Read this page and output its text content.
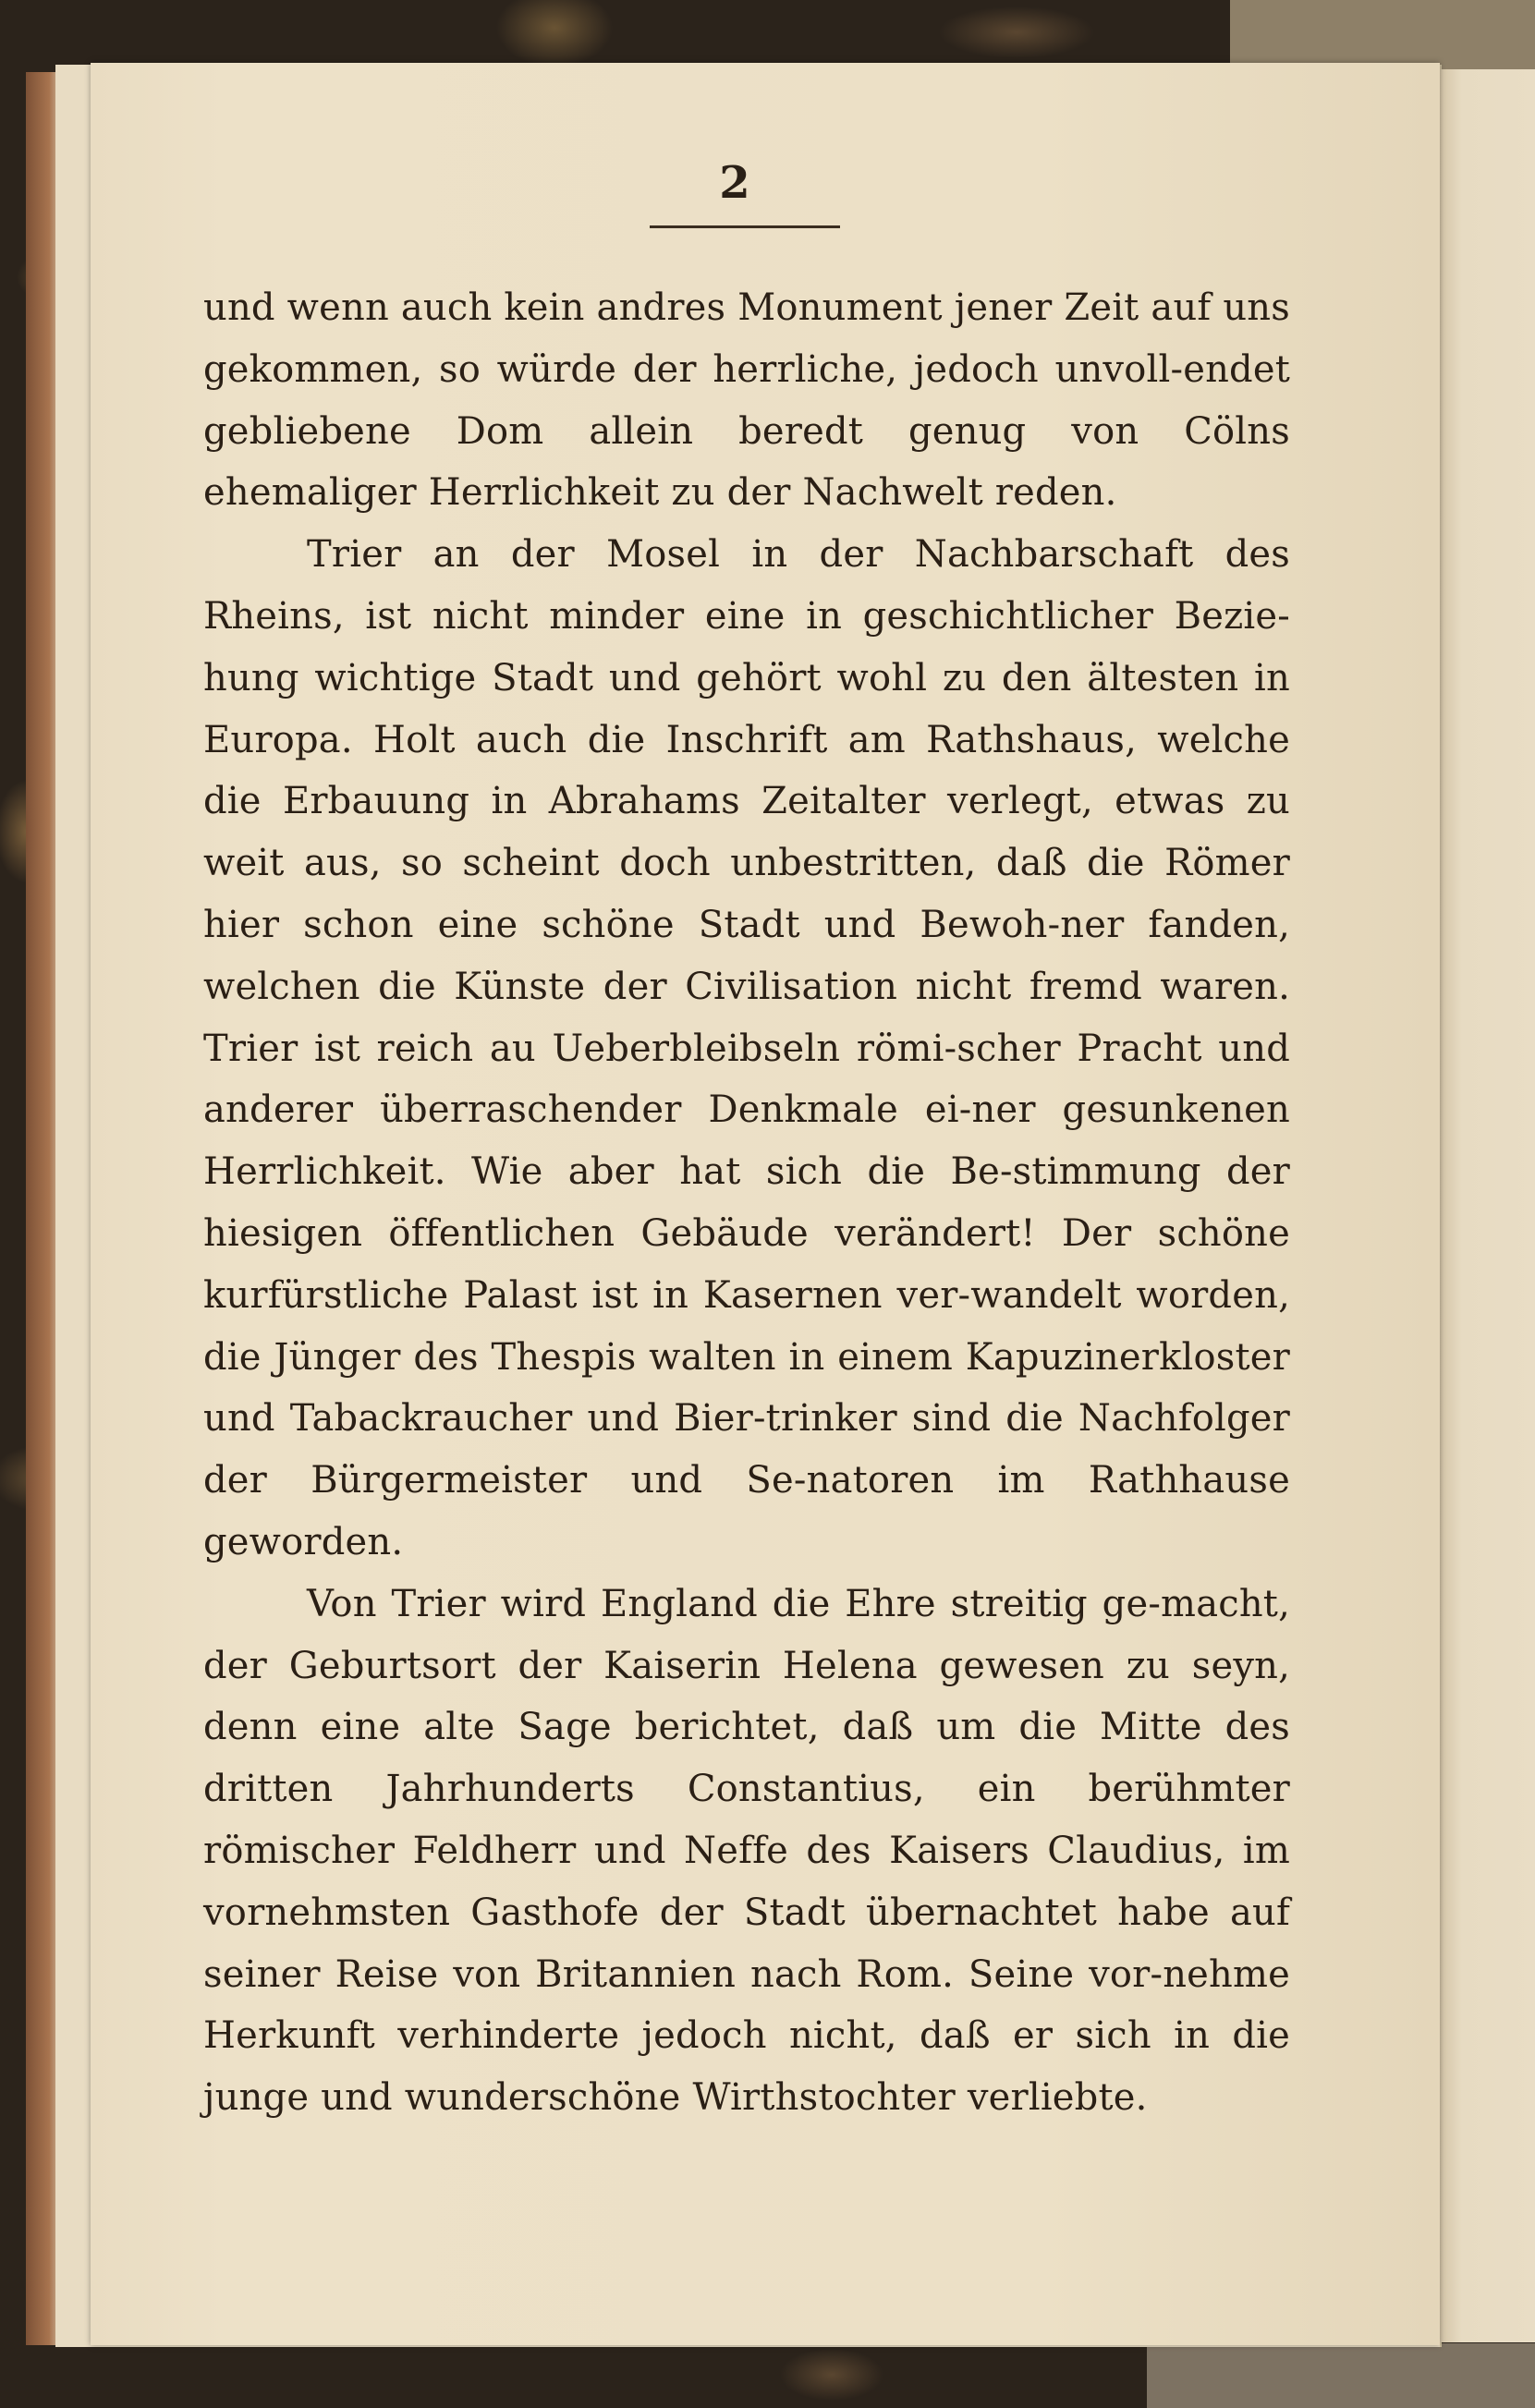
2

und wenn auch kein andres Monument jener Zeit auf uns gekommen, so würde der herrliche, jedoch unvoll-endet gebliebene Dom allein beredt genug von Cölns ehemaliger Herrlichkeit zu der Nachwelt reden.

Trier an der Mosel in der Nachbarschaft des Rheins, ist nicht minder eine in geschichtlicher Bezie-hung wichtige Stadt und gehört wohl zu den ältesten in Europa. Holt auch die Inschrift am Rathshaus, welche die Erbauung in Abrahams Zeitalter verlegt, etwas zu weit aus, so scheint doch unbestritten, daß die Römer hier schon eine schöne Stadt und Bewoh-ner fanden, welchen die Künste der Civilisation nicht fremd waren. Trier ist reich au Ueberbleibseln römi-scher Pracht und anderer überraschender Denkmale ei-ner gesunkenen Herrlichkeit. Wie aber hat sich die Be-stimmung der hiesigen öffentlichen Gebäude verändert! Der schöne kurfürstliche Palast ist in Kasernen ver-wandelt worden, die Jünger des Thespis walten in einem Kapuzinerkloster und Tabackraucher und Bier-trinker sind die Nachfolger der Bürgermeister und Se-natoren im Rathhause geworden.

Von Trier wird England die Ehre streitig ge-macht, der Geburtsort der Kaiserin Helena gewesen zu seyn, denn eine alte Sage berichtet, daß um die Mitte des dritten Jahrhunderts Constantius, ein berühmter römischer Feldherr und Neffe des Kaisers Claudius, im vornehmsten Gasthofe der Stadt übernachtet habe auf seiner Reise von Britannien nach Rom. Seine vor-nehme Herkunft verhinderte jedoch nicht, daß er sich in die junge und wunderschöne Wirthstochter verliebte.
